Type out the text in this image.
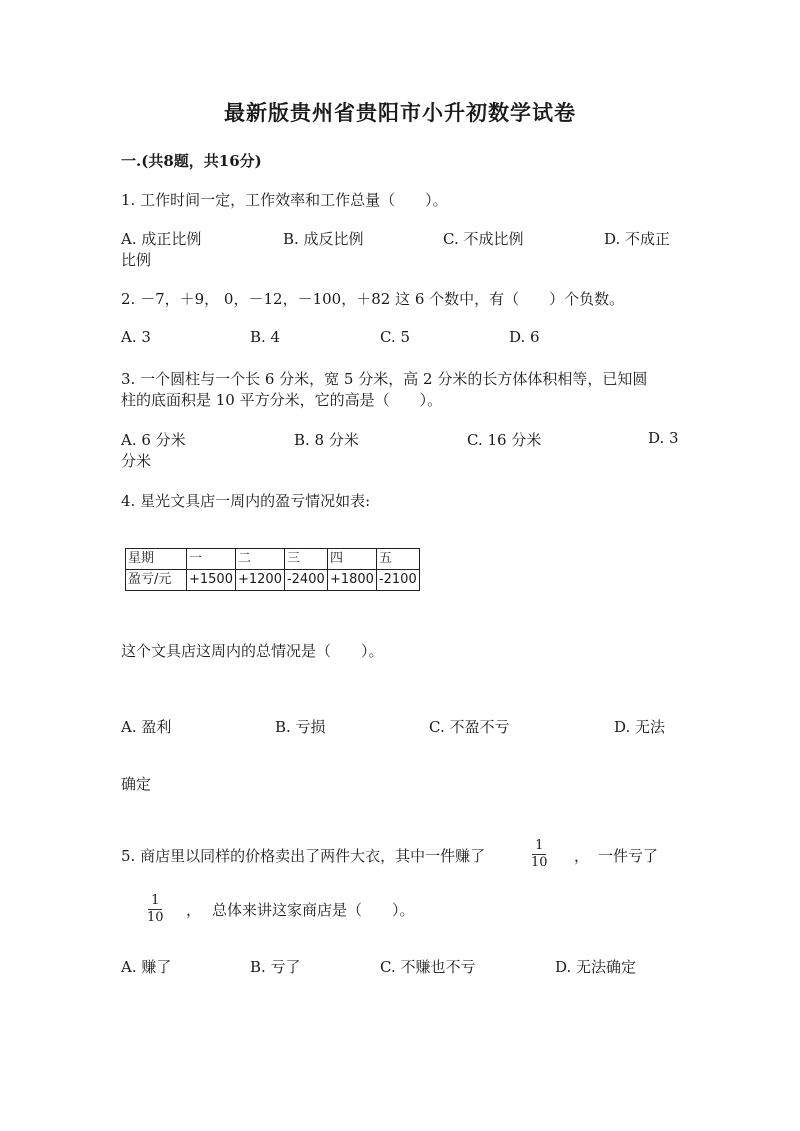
最新版贵州省贵阳市小升初数学试卷
一.(共8题，共16分)
1. 工作时间一定，工作效率和工作总量（　　）。
A. 成正比例	B. 成反比例	C. 不成比例	D. 不成正
比例
2. －7，＋9， 0，－12，－100，＋82 这 6 个数中，有（　　）个负数。
A. 3	B. 4	C. 5	D. 6
3. 一个圆柱与一个长 6 分米，宽 5 分米，高 2 分米的长方体体积相等，已知圆
柱的底面积是 10 平方分米，它的高是（　　）。
A. 6 分米	B. 8 分米	C. 16 分米	D. 3
分米
4. 星光文具店一周内的盈亏情况如表:
星期	一	二	三	四	五
盈亏/元	+1500	+1200	-2400	+1800	-2100
这个文具店这周内的总情况是（　　）。
A. 盈利	B. 亏损	C. 不盈不亏	D. 无法
确定
5. 商店里以同样的价格卖出了两件大衣，其中一件赚了	$\frac{1}{10}$ ， 一件亏了
$\frac{1}{10}$ ， 总体来讲这家商店是（　　）。
A. 赚了	B. 亏了	C. 不赚也不亏	D. 无法确定
